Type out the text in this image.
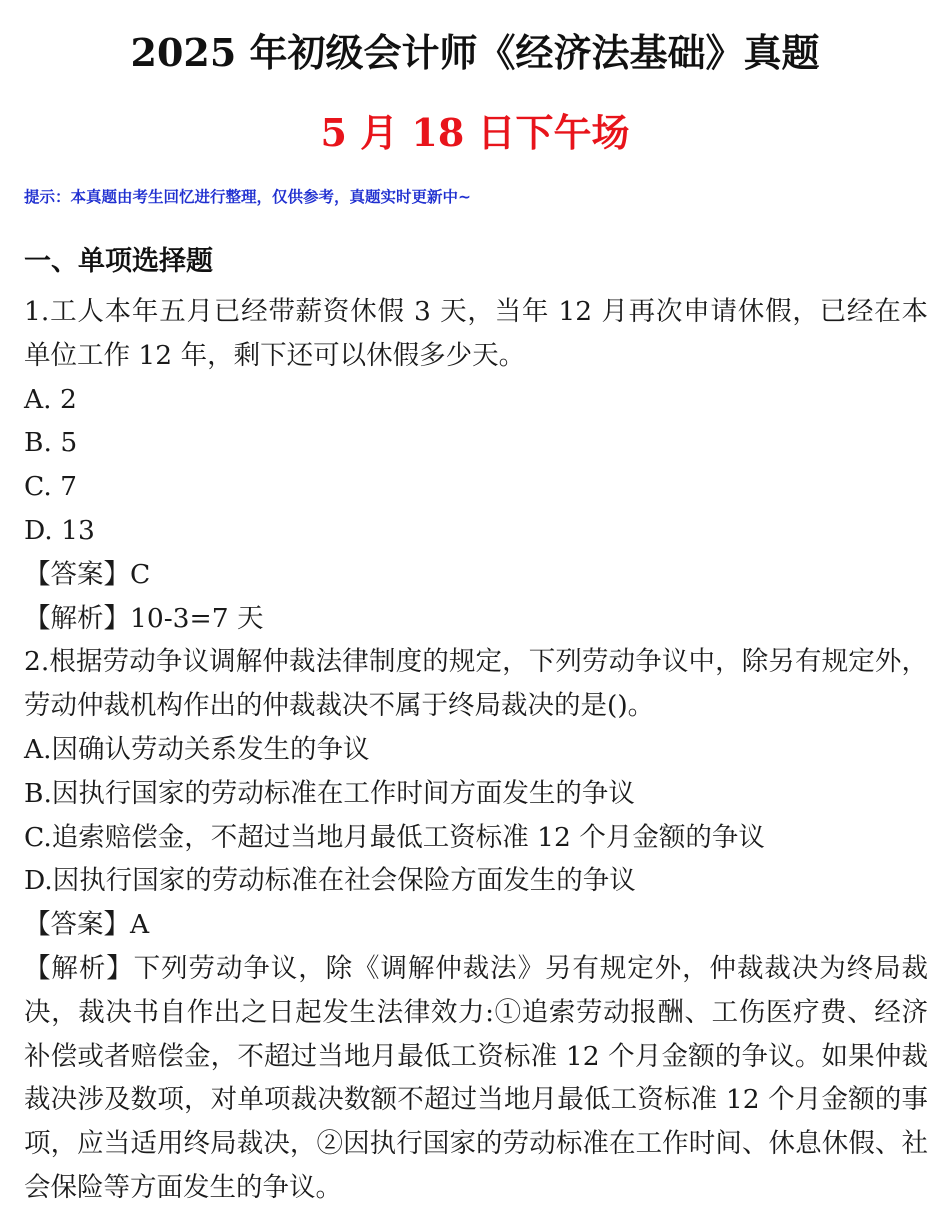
2025 年初级会计师《经济法基础》真题
5 月 18 日下午场
提示：本真题由考生回忆进行整理，仅供参考，真题实时更新中~
一、单项选择题

1.工人本年五月已经带薪资休假 3 天，当年 12 月再次申请休假，已经在本单位工作 12 年，剩下还可以休假多少天。

A. 2

B. 5

C. 7

D. 13

【答案】C

【解析】10-3=7 天

2.根据劳动争议调解仲裁法律制度的规定，下列劳动争议中，除另有规定外，劳动仲裁机构作出的仲裁裁决不属于终局裁决的是()。

A.因确认劳动关系发生的争议

B.因执行国家的劳动标准在工作时间方面发生的争议

C.追索赔偿金，不超过当地月最低工资标准 12 个月金额的争议

D.因执行国家的劳动标准在社会保险方面发生的争议

【答案】A

【解析】下列劳动争议，除《调解仲裁法》另有规定外，仲裁裁决为终局裁决，裁决书自作出之日起发生法律效力:①追索劳动报酬、工伤医疗费、经济补偿或者赔偿金，不超过当地月最低工资标准 12 个月金额的争议。如果仲裁裁决涉及数项，对单项裁决数额不超过当地月最低工资标准 12 个月金额的事项，应当适用终局裁决，②因执行国家的劳动标准在工作时间、休息休假、社会保险等方面发生的争议。
